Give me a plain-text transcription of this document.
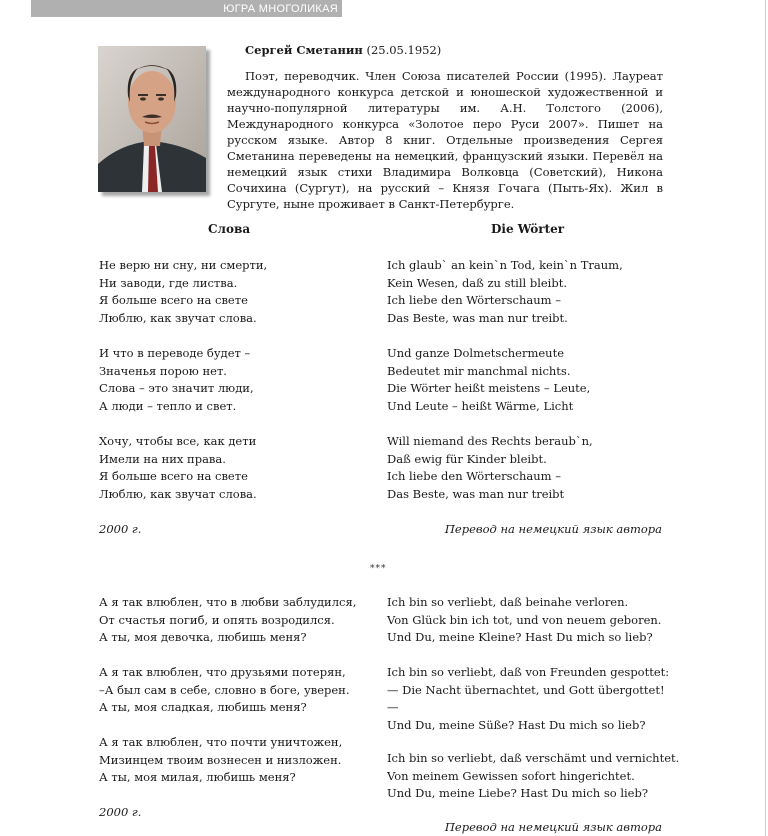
ЮГРА МНОГОЛИКАЯ
Сергей Сметанин (25.05.1952)

Поэт, переводчик. Член Союза писателей России (1995). Лауреат международного конкурса детской и юношеской художественной и научно-популярной литературы им. А.Н. Толстого (2006), Международного конкурса «Золотое перо Руси 2007». Пишет на русском языке. Автор 8 книг. Отдельные произведения Сергея Сметанина переведены на немецкий, французский языки. Перевёл на немецкий язык стихи Владимира Волковца (Советский), Никона Сочихина (Сургут), на русский – Князя Гочага (Пыть-Ях). Жил в Сургуте, ныне проживает в Санкт-Петербурге.

Слова	Die Wörter
Не верю ни сну, ни смерти,
Ни заводи, где листва.
Я больше всего на свете
Люблю, как звучат слова.
И что в переводе будет –
Значенья порою нет.
Слова – это значит люди,
А люди – тепло и свет.
Хочу, чтобы все, как дети
Имели на них права.
Я больше всего на свете
Люблю, как звучат слова.
Ich glaub` an kein`n Tod, kein`n Traum,
Kein Wesen, daß zu still bleibt.
Ich liebe den Wörterschaum –
Das Beste, was man nur treibt.
Und ganze Dolmetschermeute
Bedeutet mir manchmal nichts.
Die Wörter heißt meistens – Leute,
Und Leute – heißt Wärme, Licht
Will niemand des Rechts beraub`n,
Daß ewig für Kinder bleibt.
Ich liebe den Wörterschaum –
Das Beste, was man nur treibt
2000 г.	Перевод на немецкий язык автора
***
А я так влюблен, что в любви заблудился,
От счастья погиб, и опять возродился.
А ты, моя девочка, любишь меня?
А я так влюблен, что друзьями потерян,
–А был сам в себе, словно в боге, уверен.
А ты, моя сладкая, любишь меня?
А я так влюблен, что почти уничтожен,
Мизинцем твоим вознесен и низложен.
А ты, моя милая, любишь меня?
Ich bin so verliebt, daß beinahe verloren.
Von Glück bin ich tot, und von neuem geboren.
Und Du, meine Kleine? Hast Du mich so lieb?
Ich bin so verliebt, daß von Freunden gespottet:
— Die Nacht übernachtet, und Gott übergottet!
—
Und Du, meine Süße? Hast Du mich so lieb?
Ich bin so verliebt, daß verschämt und vernichtet.
Von meinem Gewissen sofort hingerichtet.
Und Du, meine Liebe? Hast Du mich so lieb?
2000 г.
Перевод на немецкий язык автора
